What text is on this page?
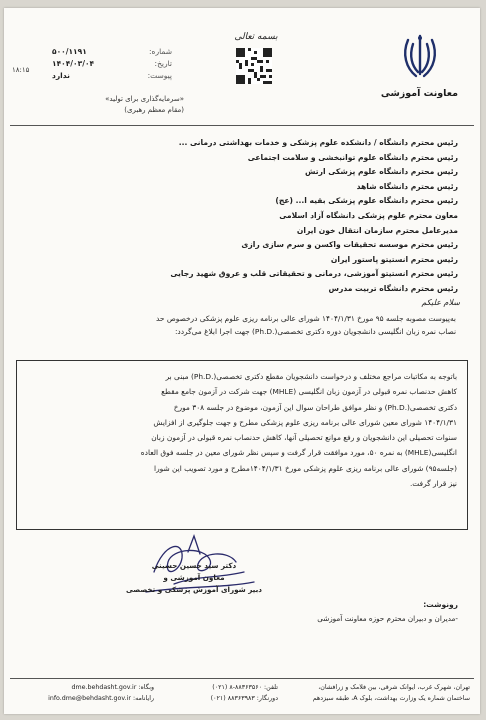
معاونت آموزشی
بسمه تعالی
شماره:
۵۰۰/۱۱۹۱
تاریخ:
۱۴۰۴/۰۳/۰۴
پیوست:
ندارد
۱۸:۱۵
«سرمایه‌گذاری برای تولید»
(مقام معظم رهبری)
رئیس محترم دانشگاه / دانشکده علوم پزشکی و خدمات بهداشتی درمانی ...
رئیس محترم دانشگاه علوم توانبخشی و سلامت اجتماعی
رئیس محترم دانشگاه علوم پزشکی ارتش
رئیس محترم دانشگاه شاهد
رئیس محترم دانشگاه علوم پزشکی بقیه ا... (عج)
معاون محترم علوم پزشکی دانشگاه آزاد اسلامی
مدیرعامل محترم سازمان انتقال خون ایران
رئیس محترم موسسه تحقیقات واکسن و سرم سازی رازی
رئیس محترم انستیتو پاستور ایران
رئیس محترم انستیتو آموزشی، درمانی و تحقیقاتی قلب و عروق شهید رجایی
رئیس محترم دانشگاه تربیت مدرس
سلام علیکم
به‌پیوست مصوبه جلسه ۹۵ مورخ ۱۴۰۴/۱/۳۱ شورای عالی برنامه ریزی علوم پزشکی درخصوص حد
نصاب نمره زبان انگلیسی دانشجویان دوره دکتری تخصصی(.Ph.D) جهت اجرا ابلاغ می‌گردد:
باتوجه به مکاتبات مراجع مختلف و درخواست دانشجویان مقطع دکتری تخصصی(.Ph.D) مبنی بر
کاهش حدنصاب نمره قبولی در آزمون زبان انگلیسی (MHLE) جهت شرکت در آزمون جامع مقطع
دکتری تخصصی(.Ph.D) و نظر موافق طراحان سوال این آزمون، موضوع در جلسه ۳۰۸ مورخ
۱۴۰۴/۱/۳۱ شورای معین شورای عالی برنامه ریزی علوم پزشکی مطرح و جهت جلوگیری از افزایش
سنوات تحصیلی این دانشجویان و رفع موانع تحصیلی آنها، کاهش حدنصاب نمره قبولی در آزمون زبان
انگلیسی(MHLE) به نمره ۵۰، مورد موافقت قرار گرفت و سپس نظر شورای معین در جلسه فوق العاده
(جلسه۹۵) شورای عالی برنامه ریزی علوم پزشکی مورخ ۱۴۰۴/۱/۳۱مطرح و مورد تصویب این شورا
نیز قرار گرفت.
دکتر سید حسین حسینی
معاون آموزشی و
دبیر شورای آموزش پزشکی و تخصصی
رونوشت:
-مدیران و دبیران محترم حوزه معاونت آموزشی
تهران، شهرک غرب، ایوانک شرقی، بین فلامک و زرافشان،
ساختمان شماره یک وزارت بهداشت، بلوک A، طبقه سیزدهم
تلفن: ۸۸۳۶۳۵۶۰-۸ (۰۲۱)
دورنگار: ۸۸۳۶۳۹۸۳ (۰۲۱)
وبگاه: dme.behdasht.gov.ir
رایانامه: info.dme@behdasht.gov.ir
